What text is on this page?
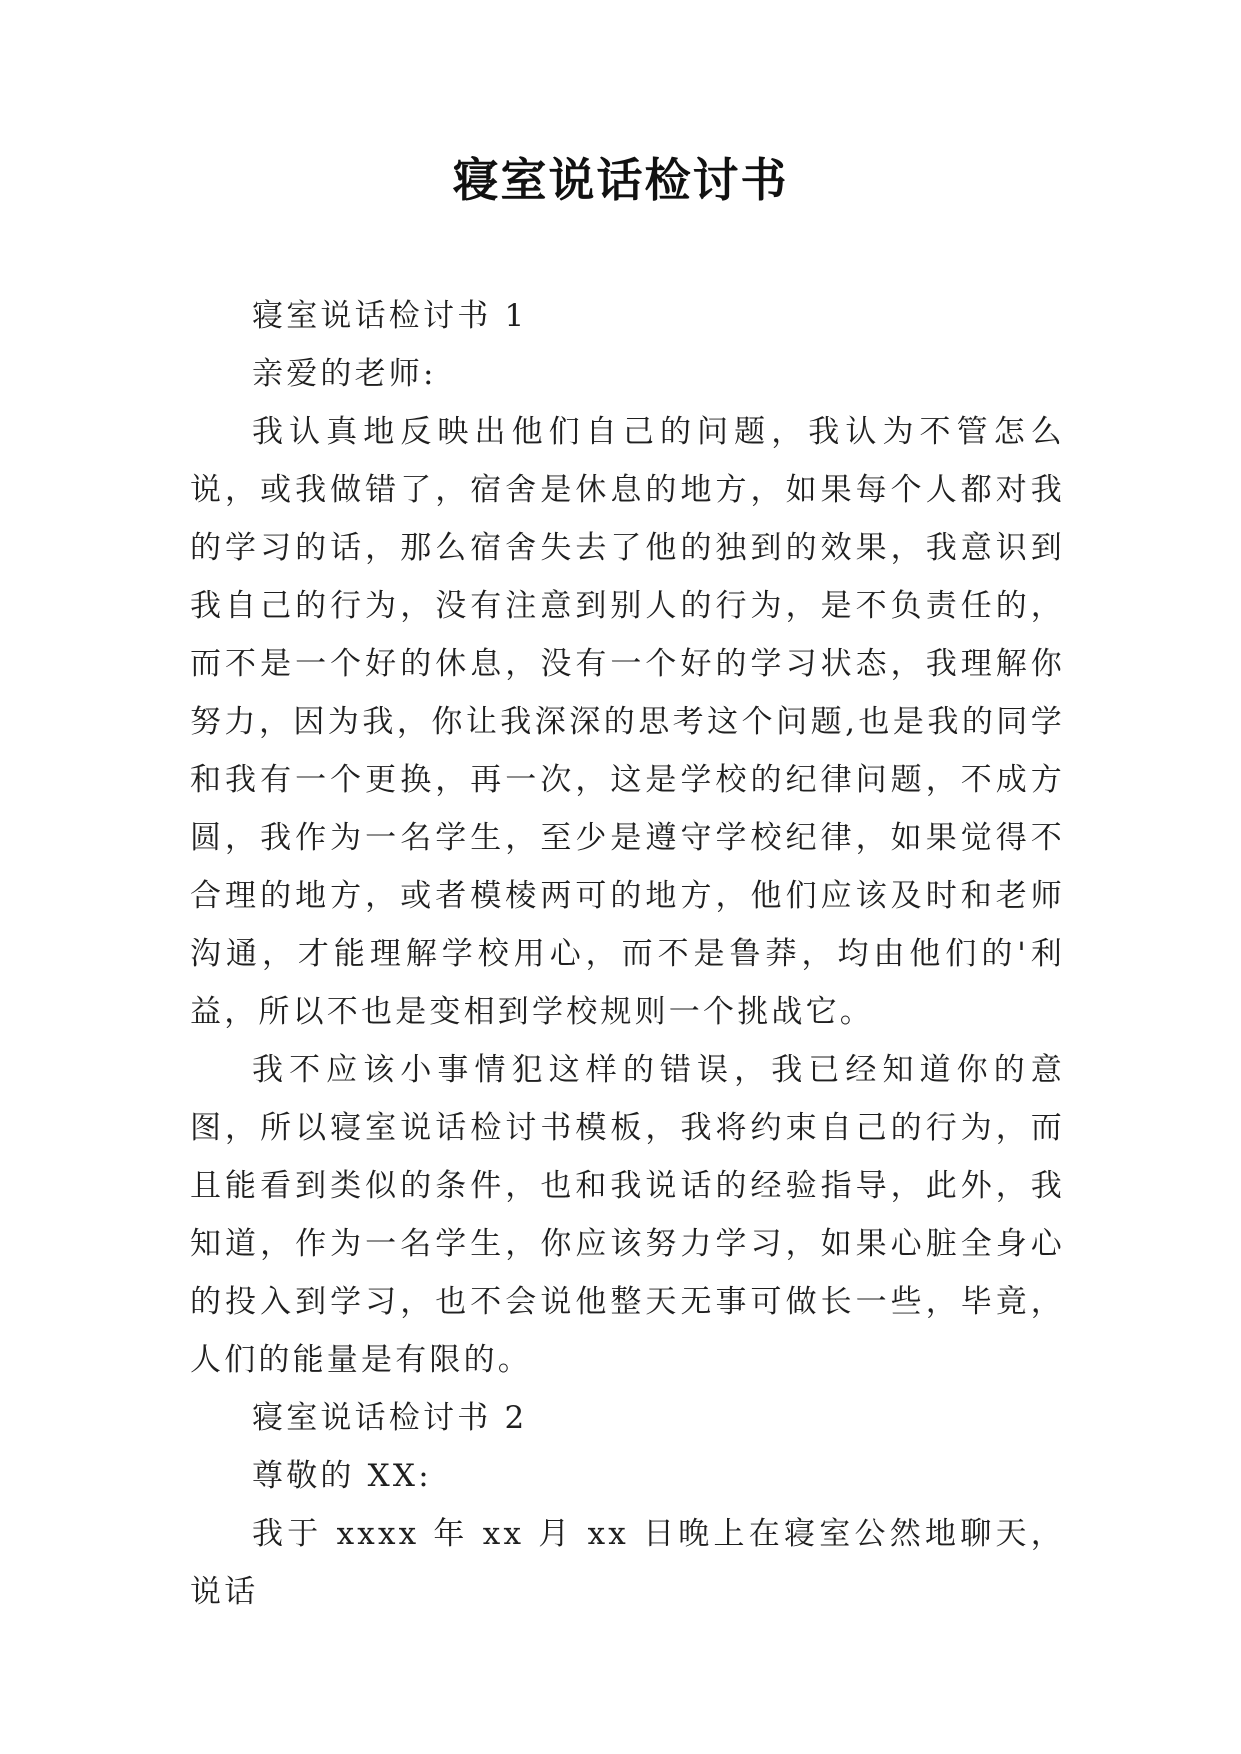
寝室说话检讨书

寝室说话检讨书 1

亲爱的老师:

我认真地反映出他们自己的问题，我认为不管怎么说，或我做错了，宿舍是休息的地方，如果每个人都对我的学习的话，那么宿舍失去了他的独到的效果，我意识到我自己的行为，没有注意到别人的行为，是不负责任的，而不是一个好的休息，没有一个好的学习状态，我理解你努力，因为我，你让我深深的思考这个问题,也是我的同学和我有一个更换，再一次，这是学校的纪律问题，不成方圆，我作为一名学生，至少是遵守学校纪律，如果觉得不合理的地方，或者模棱两可的地方，他们应该及时和老师沟通，才能理解学校用心，而不是鲁莽，均由他们的'利益，所以不也是变相到学校规则一个挑战它。

我不应该小事情犯这样的错误，我已经知道你的意图，所以寝室说话检讨书模板，我将约束自己的行为，而且能看到类似的条件，也和我说话的经验指导，此外，我知道，作为一名学生，你应该努力学习，如果心脏全身心的投入到学习，也不会说他整天无事可做长一些，毕竟，人们的能量是有限的。

寝室说话检讨书 2

尊敬的 XX:

我于 xxxx 年 xx 月 xx 日晚上在寝室公然地聊天，说话
